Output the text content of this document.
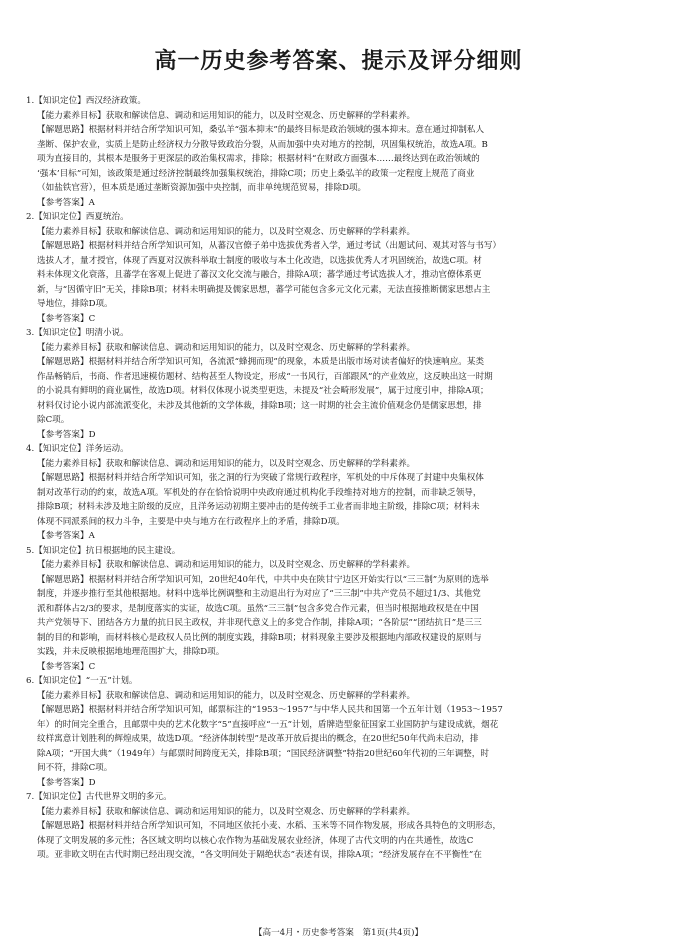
高一历史参考答案、提示及评分细则
1.【知识定位】西汉经济政策。
【能力素养目标】获取和解读信息、调动和运用知识的能力，以及时空观念、历史解释的学科素养。
【解题思路】根据材料并结合所学知识可知，桑弘羊“强本抑末”的最终目标是政治领域的强本抑末。意在通过抑制私人
垄断、保护农业，实质上是防止经济权力分散导致政治分裂，从而加强中央对地方的控制，巩固集权统治，故选A项。B
项为直接目的，其根本是服务于更深层的政治集权需求，排除；根据材料“在财政方面强本……最终达到在政治领域的
‘强本’目标”可知，该政策是通过经济控制最终加强集权统治，排除C项；历史上桑弘羊的政策一定程度上规范了商业
（如盐铁官营），但本质是通过垄断资源加强中央控制，而非单纯规范贸易，排除D项。
【参考答案】A
2.【知识定位】西夏统治。
【能力素养目标】获取和解读信息、调动和运用知识的能力，以及时空观念、历史解释的学科素养。
【解题思路】根据材料并结合所学知识可知，从蕃汉官僚子弟中选拔优秀者入学，通过考试（出题试问、观其对答与书写）
选拔人才，量才授官，体现了西夏对汉族科举取士制度的吸收与本土化改造，以选拔优秀人才巩固统治，故选C项。材
料未体现文化衰落，且蕃学在客观上促进了蕃汉文化交流与融合，排除A项；蕃学通过考试选拔人才，推动官僚体系更
新，与“因循守旧”无关，排除B项；材料未明确提及儒家思想，蕃学可能包含多元文化元素，无法直接推断儒家思想占主
导地位，排除D项。
【参考答案】C
3.【知识定位】明清小说。
【能力素养目标】获取和解读信息、调动和运用知识的能力，以及时空观念、历史解释的学科素养。
【解题思路】根据材料并结合所学知识可知，各流派“蜂拥而现”的现象，本质是出版市场对读者偏好的快速响应。某类
作品畅销后，书商、作者迅速模仿题材、结构甚至人物设定，形成“一书风行，百部跟风”的产业效应，这反映出这一时期
的小说具有鲜明的商业属性，故选D项。材料仅体现小说类型更迭，未提及“社会畸形发展”，属于过度引申，排除A项；
材料仅讨论小说内部流派变化，未涉及其他新的文学体裁，排除B项；这一时期的社会主流价值观念仍是儒家思想，排
除C项。
【参考答案】D
4.【知识定位】洋务运动。
【能力素养目标】获取和解读信息、调动和运用知识的能力，以及时空观念、历史解释的学科素养。
【解题思路】根据材料并结合所学知识可知，张之洞的行为突破了常规行政程序，军机处的中斥体现了封建中央集权体
制对改革行动的约束，故选A项。军机处的存在恰恰说明中央政府通过机构化手段维持对地方的控制，而非缺乏领导，
排除B项；材料未涉及地主阶级的反应，且洋务运动初期主要冲击的是传统手工业者而非地主阶级，排除C项；材料未
体现不同派系间的权力斗争，主要是中央与地方在行政程序上的矛盾，排除D项。
【参考答案】A
5.【知识定位】抗日根据地的民主建设。
【能力素养目标】获取和解读信息、调动和运用知识的能力，以及时空观念、历史解释的学科素养。
【解题思路】根据材料并结合所学知识可知，20世纪40年代，中共中央在陕甘宁边区开始实行以“三三制”为原则的选举
制度，并逐步推行至其他根据地。材料中选举比例调整和主动退出行为对应了“三三制”中共产党员不超过1/3、其他党
派和群体占2/3的要求，是制度落实的实证，故选C项。虽然“三三制”包含多党合作元素，但当时根据地政权是在中国
共产党领导下、团结各方力量的抗日民主政权，并非现代意义上的多党合作制，排除A项；“各阶层”“团结抗日”是三三
制的目的和影响，而材料核心是政权人员比例的制度实践，排除B项；材料现象主要涉及根据地内部政权建设的原则与
实践，并未反映根据地地理范围扩大，排除D项。
【参考答案】C
6.【知识定位】“一五”计划。
【能力素养目标】获取和解读信息、调动和运用知识的能力，以及时空观念、历史解释的学科素养。
【解题思路】根据材料并结合所学知识可知，邮票标注的“1953～1957”与中华人民共和国第一个五年计划（1953～1957
年）的时间完全重合，且邮票中央的艺术化数字“5”直接呼应“一五”计划，盾牌造型象征国家工业国防护与建设成就，烟花
纹样寓意计划胜利的辉煌成果，故选D项。“经济体制转型”是改革开放后提出的概念，在20世纪50年代尚未启动，排
除A项；“开国大典”（1949年）与邮票时间跨度无关，排除B项；“国民经济调整”特指20世纪60年代初的三年调整，时
间不符，排除C项。
【参考答案】D
7.【知识定位】古代世界文明的多元。
【能力素养目标】获取和解读信息、调动和运用知识的能力，以及时空观念、历史解释的学科素养。
【解题思路】根据材料并结合所学知识可知，不同地区依托小麦、水稻、玉米等不同作物发展，形成各具特色的文明形态，
体现了文明发展的多元性；各区域文明均以核心农作物为基础发展农业经济，体现了古代文明的内在共通性，故选C
项。亚非欧文明在古代时期已经出现交流，“各文明间处于隔绝状态”表述有误，排除A项；“经济发展存在不平衡性”在
【高一4月・历史参考答案　第1页(共4页)】
